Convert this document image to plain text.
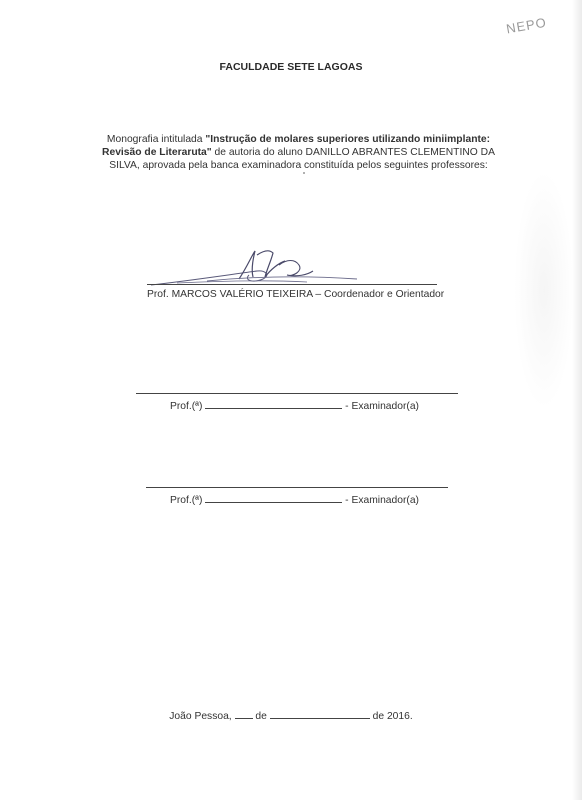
NEPO
FACULDADE SETE LAGOAS
Monografia intitulada "Instrução de molares superiores utilizando miniimplante: Revisão de Literaruta" de autoria do aluno DANILLO ABRANTES CLEMENTINO DA SILVA, aprovada pela banca examinadora constituída pelos seguintes professores:
Prof. MARCOS VALÉRIO TEIXEIRA – Coordenador e Orientador
Prof.(ª)	- Examinador(a)
Prof.(ª)	- Examinador(a)
João Pessoa, de	de 2016.
